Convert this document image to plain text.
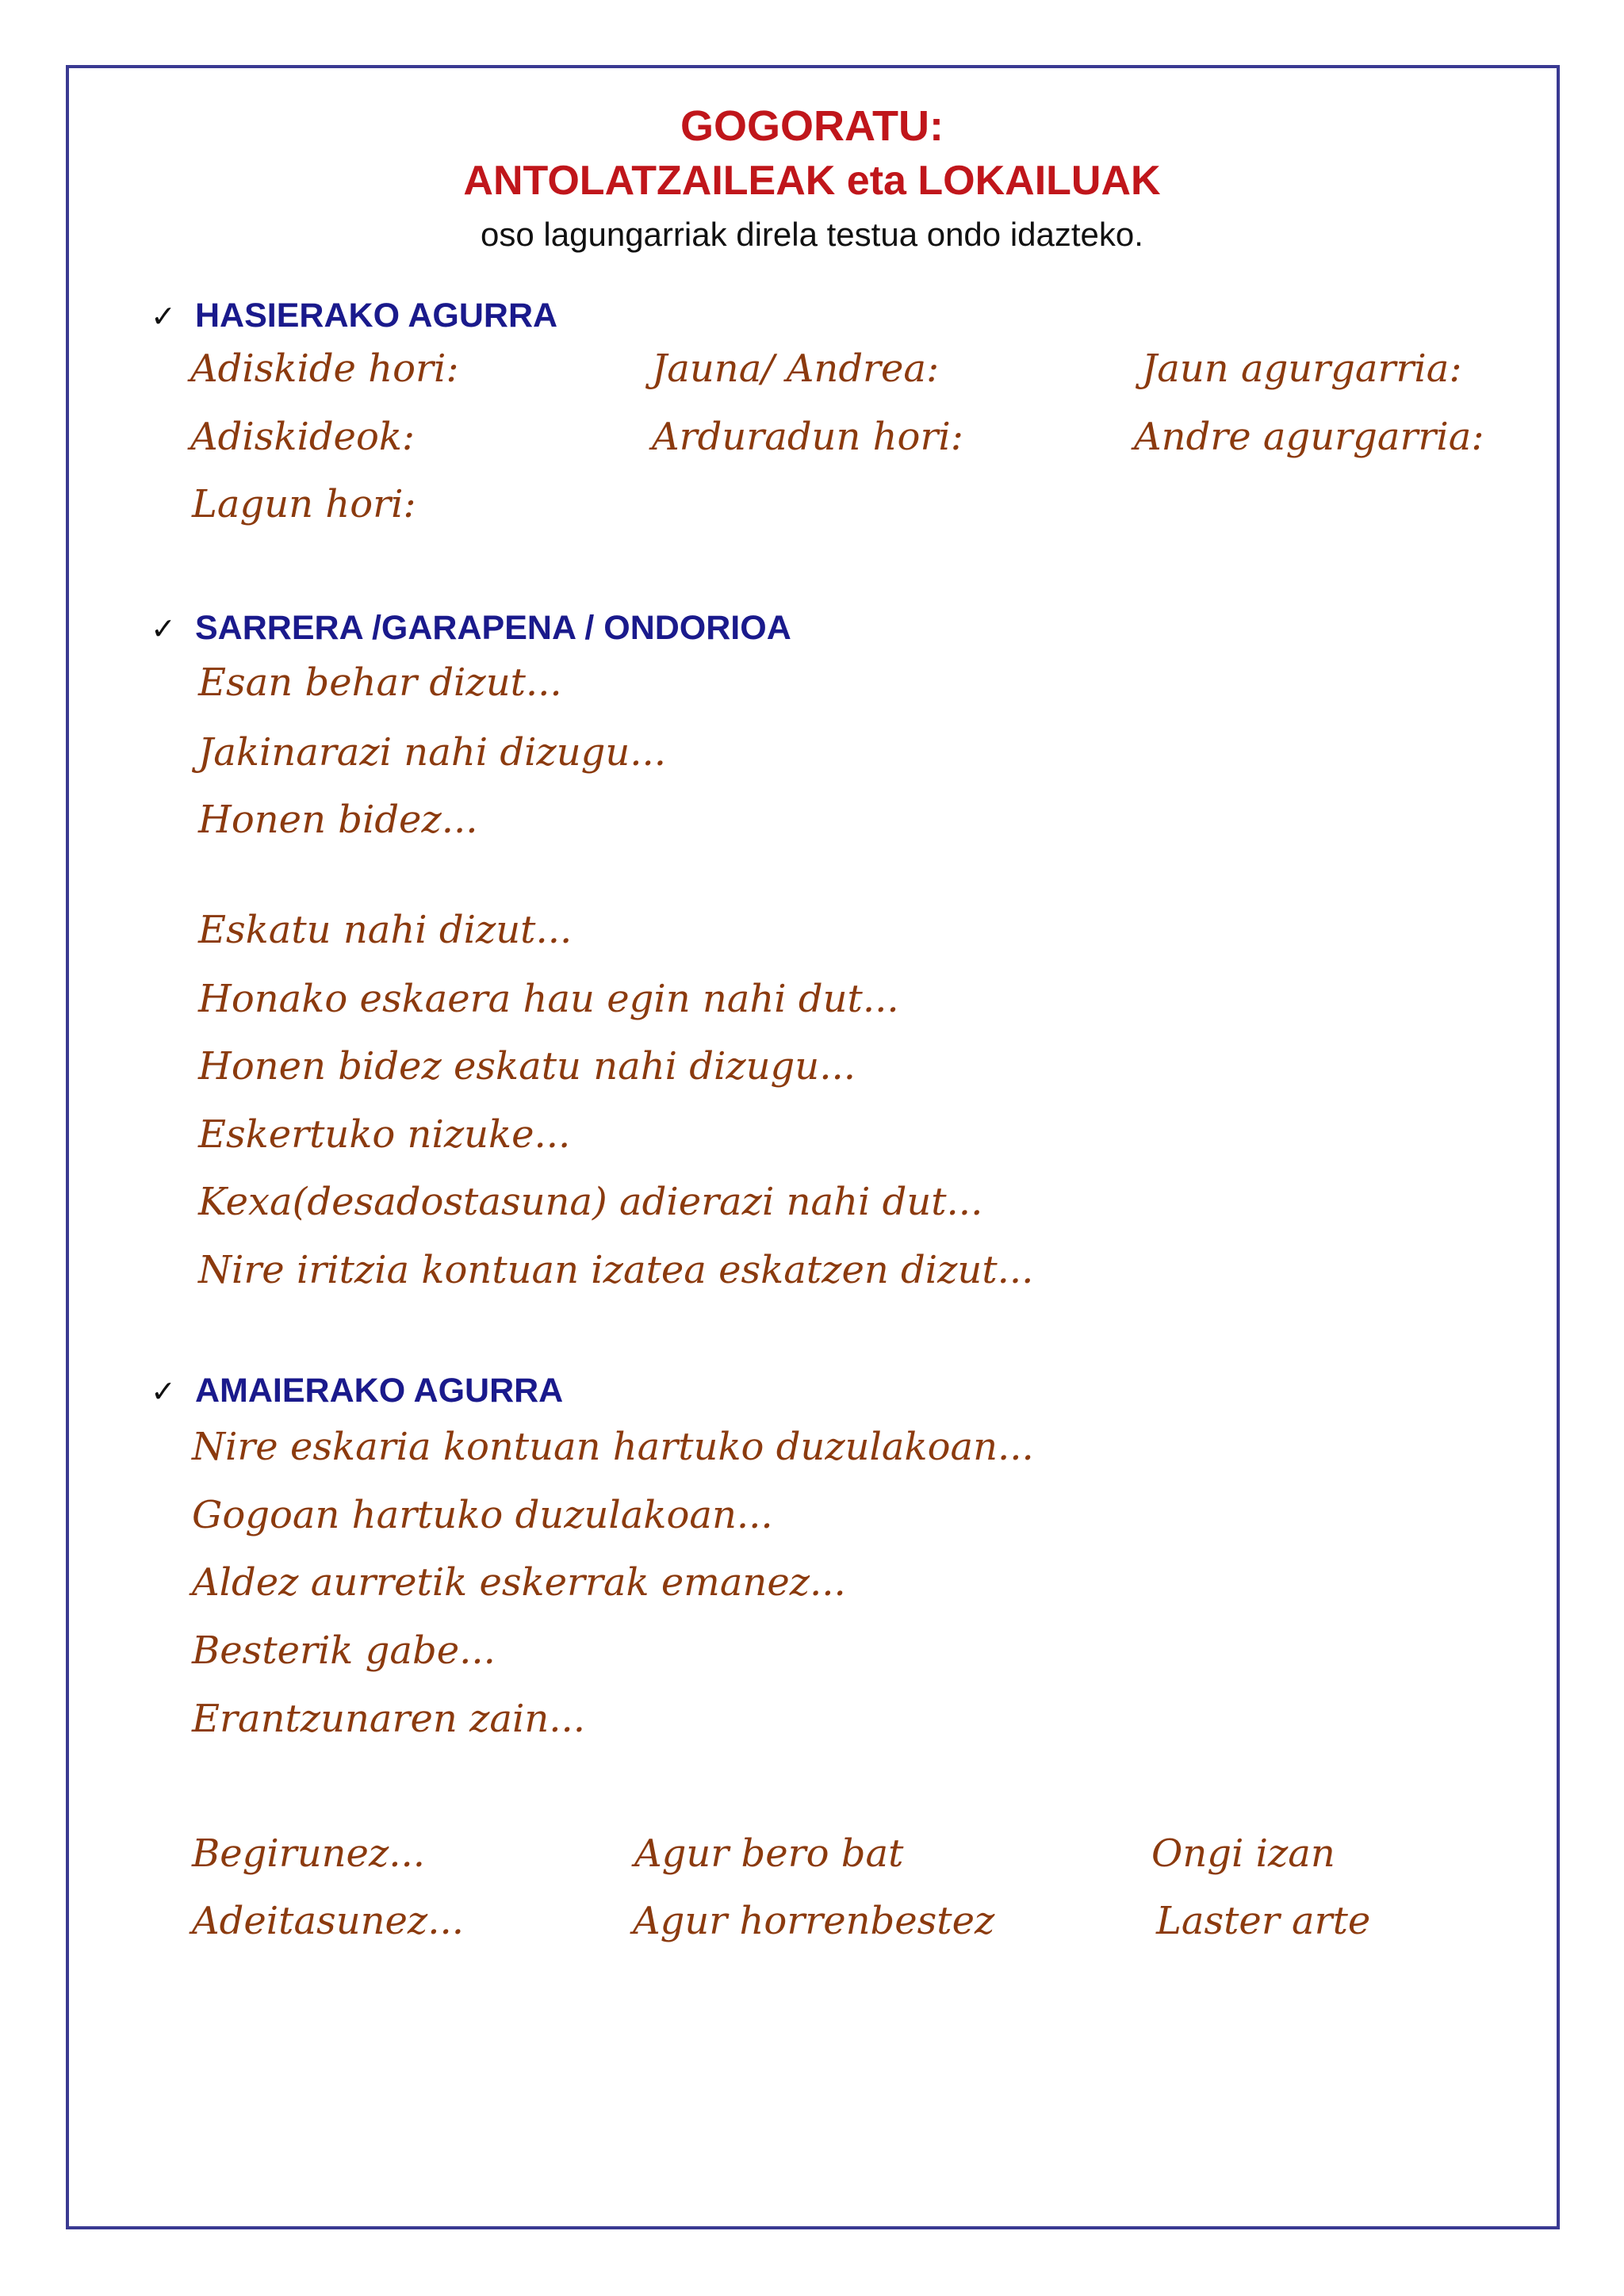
GOGORATU:
ANTOLATZAILEAK eta LOKAILUAK
oso lagungarriak direla testua ondo idazteko.
✓ HASIERAKO AGURRA
Adiskide hori:	Jauna/ Andrea:	Jaun agurgarria:
Adiskideok:	Arduradun hori:	Andre agurgarria:
Lagun hori:
✓ SARRERA /GARAPENA / ONDORIOA
Esan behar dizut...
Jakinarazi nahi dizugu...
Honen bidez...
Eskatu nahi dizut...
Honako eskaera hau egin nahi dut...
Honen bidez eskatu nahi dizugu...
Eskertuko nizuke...
Kexa(desadostasuna) adierazi nahi dut...
Nire iritzia kontuan izatea eskatzen dizut...
✓ AMAIERAKO AGURRA
Nire eskaria kontuan hartuko duzulakoan...
Gogoan hartuko duzulakoan...
Aldez aurretik eskerrak emanez...
Besterik gabe...
Erantzunaren zain...
Begirunez...	Agur bero bat	Ongi izan
Adeitasunez...	Agur horrenbestez	Laster arte
